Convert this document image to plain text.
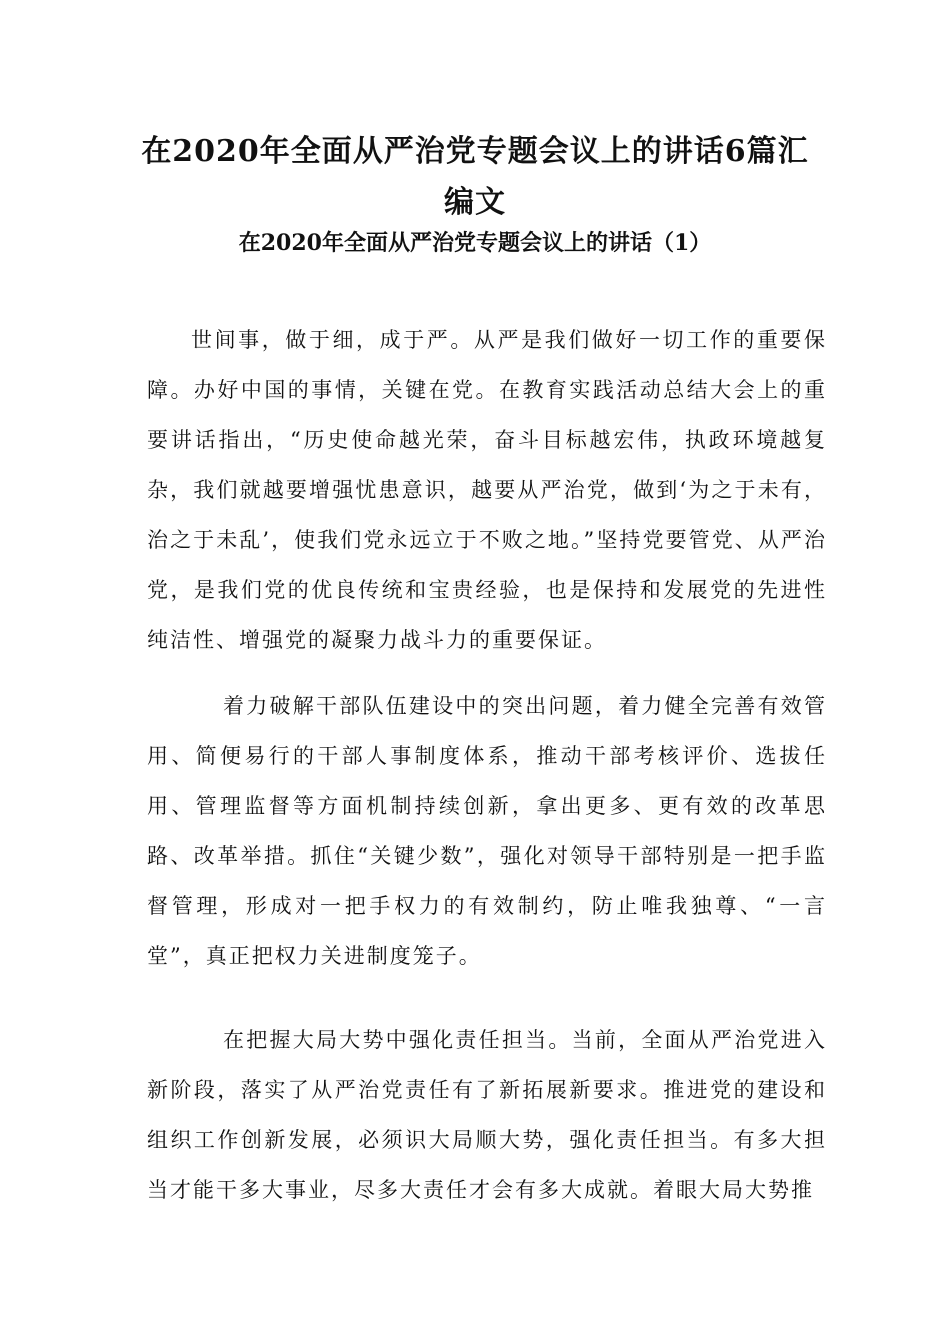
在2020年全面从严治党专题会议上的讲话6篇汇编文
在2020年全面从严治党专题会议上的讲话（1）

世间事，做于细，成于严。从严是我们做好一切工作的重要保障。办好中国的事情，关键在党。在教育实践活动总结大会上的重要讲话指出，“历史使命越光荣，奋斗目标越宏伟，执政环境越复杂，我们就越要增强忧患意识，越要从严治党，做到‘为之于未有，治之于未乱’，使我们党永远立于不败之地。”坚持党要管党、从严治党，是我们党的优良传统和宝贵经验，也是保持和发展党的先进性纯洁性、增强党的凝聚力战斗力的重要保证。

着力破解干部队伍建设中的突出问题，着力健全完善有效管用、简便易行的干部人事制度体系，推动干部考核评价、选拔任用、管理监督等方面机制持续创新，拿出更多、更有效的改革思路、改革举措。抓住“关键少数”，强化对领导干部特别是一把手监督管理，形成对一把手权力的有效制约，防止唯我独尊、“一言堂”，真正把权力关进制度笼子。

在把握大局大势中强化责任担当。当前，全面从严治党进入新阶段，落实了从严治党责任有了新拓展新要求。推进党的建设和组织工作创新发展，必须识大局顺大势，强化责任担当。有多大担当才能干多大事业，尽多大责任才会有多大成就。着眼大局大势推
